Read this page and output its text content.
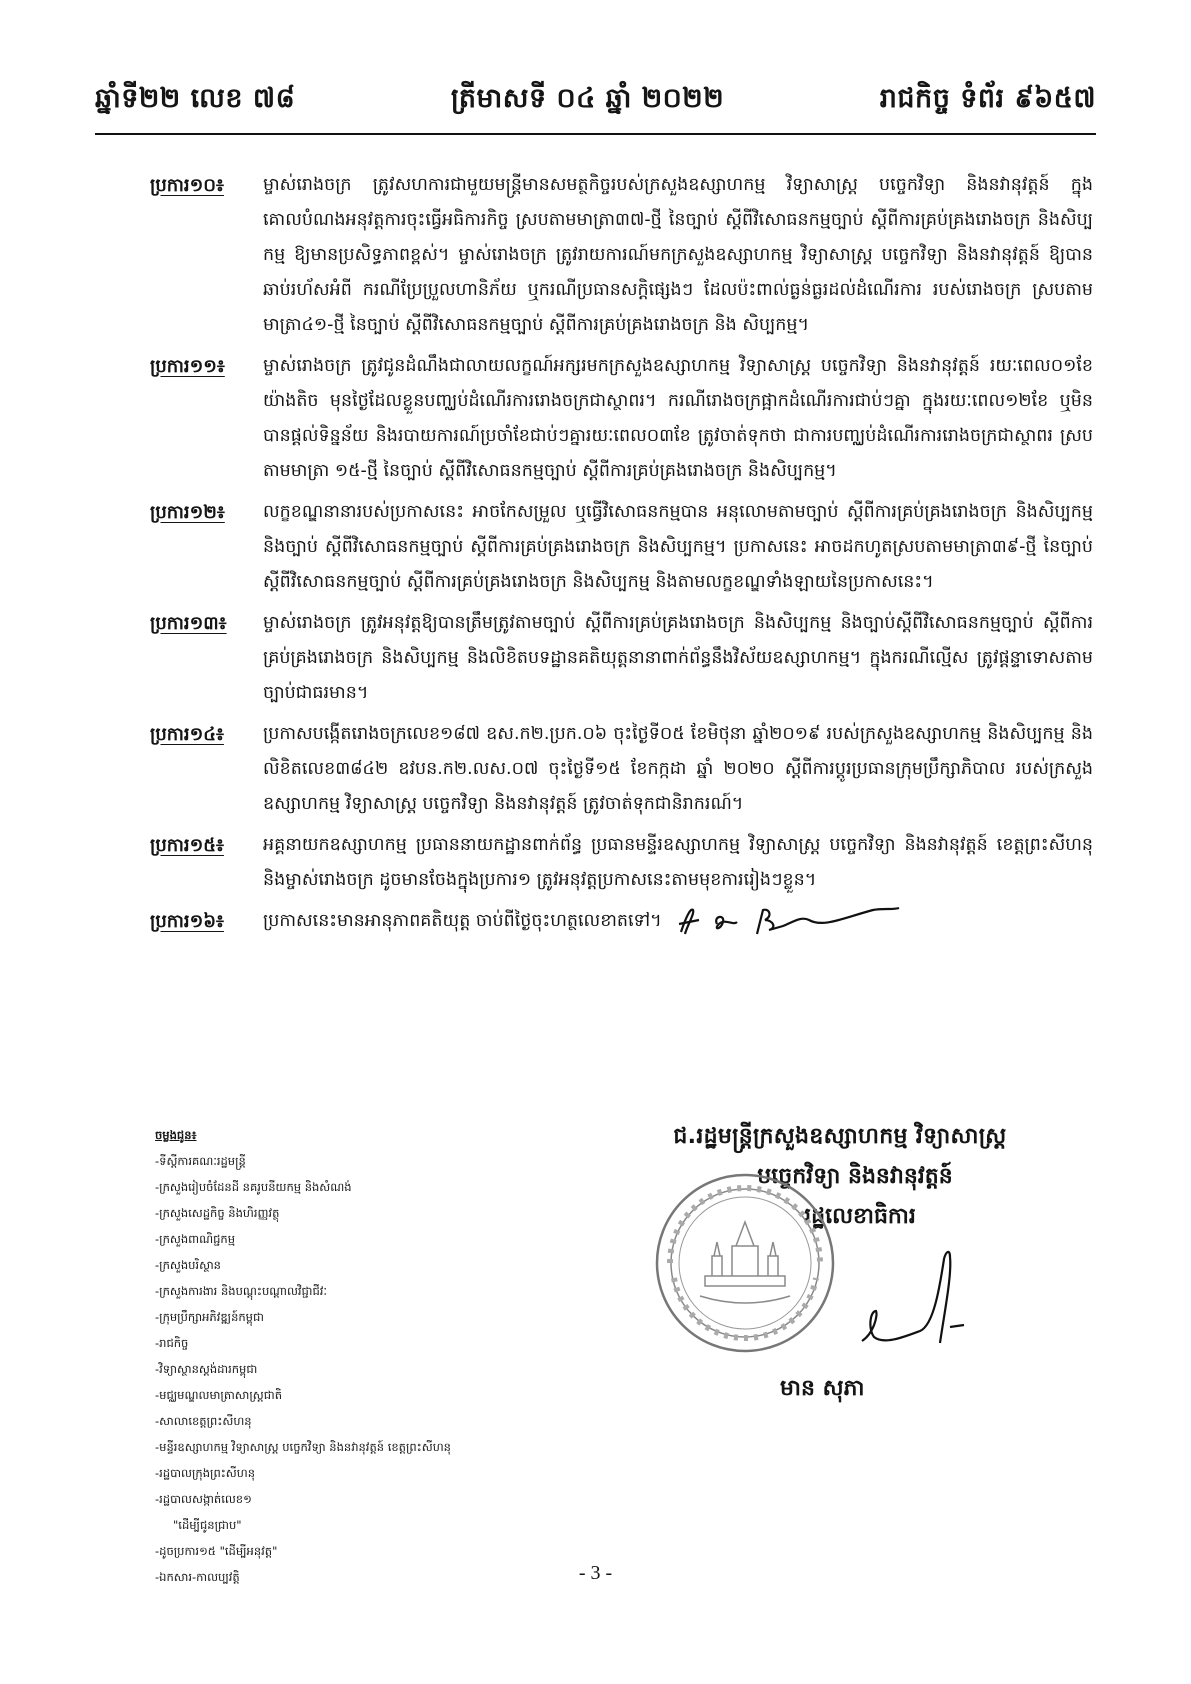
ឆ្នាំទី២២ លេខ ៧៨	ត្រីមាសទី ០៤ ឆ្នាំ ២០២២	រាជកិច្ច ទំព័រ ៩៦៥៧
ប្រការ១០៖ ម្ចាស់រោងចក្រ ត្រូវសហការជាមួយមន្ត្រីមានសមត្ថកិច្ចរបស់ក្រសួងឧស្សាហកម្ម វិទ្យាសាស្ត្រ បច្ចេកវិទ្យា និងនវានុវត្តន៍ ក្នុងគោលបំណងអនុវត្តការចុះធ្វើអធិការកិច្ច ស្របតាមមាត្រា៣៧-ថ្មី នៃច្បាប់ ស្តីពីវិសោធនកម្មច្បាប់ ស្តីពីការគ្រប់គ្រងរោងចក្រ និងសិប្បកម្ម ឱ្យមានប្រសិទ្ធភាពខ្ពស់។ ម្ចាស់រោងចក្រ ត្រូវរាយការណ៍មកក្រសួងឧស្សាហកម្ម វិទ្យាសាស្ត្រ បច្ចេកវិទ្យា និងនវានុវត្តន៍ ឱ្យបាន ឆាប់រហ័សអំពី ករណីប្រែប្រួលហានិភ័យ ឬករណីប្រធានសក្តិផ្សេងៗ ដែលប៉ះពាល់ធ្ងន់ធ្ងរដល់ដំណើរការ របស់រោងចក្រ ស្របតាមមាត្រា៤១-ថ្មី នៃច្បាប់ ស្តីពីវិសោធនកម្មច្បាប់ ស្តីពីការគ្រប់គ្រងរោងចក្រ និង សិប្បកម្ម។
ប្រការ១១៖ ម្ចាស់រោងចក្រ ត្រូវជូនដំណឹងជាលាយលក្ខណ៍អក្សរមកក្រសួងឧស្សាហកម្ម វិទ្យាសាស្ត្រ បច្ចេកវិទ្យា និងនវានុវត្តន៍ រយៈពេល០១ខែយ៉ាងតិច មុនថ្ងៃដែលខ្លួនបញ្ឈប់ដំណើរការរោងចក្រជាស្ថាពរ។ ករណីរោងចក្រផ្អាកដំណើរការជាប់ៗគ្នា ក្នុងរយៈពេល១២ខែ ឬមិនបានផ្តល់ទិន្នន័យ និងរបាយការណ៍ប្រចាំខែជាប់ៗគ្នារយៈពេល០៣ខែ ត្រូវចាត់ទុកថា ជាការបញ្ឈប់ដំណើរការរោងចក្រជាស្ថាពរ ស្របតាមមាត្រា ១៥-ថ្មី នៃច្បាប់ ស្តីពីវិសោធនកម្មច្បាប់ ស្តីពីការគ្រប់គ្រងរោងចក្រ និងសិប្បកម្ម។
ប្រការ១២៖ លក្ខខណ្ឌនានារបស់ប្រកាសនេះ អាចកែសម្រួល ឬធ្វើវិសោធនកម្មបាន អនុលោមតាមច្បាប់ ស្តីពីការគ្រប់គ្រងរោងចក្រ និងសិប្បកម្ម និងច្បាប់ ស្តីពីវិសោធនកម្មច្បាប់ ស្តីពីការគ្រប់គ្រងរោងចក្រ និងសិប្បកម្ម។ ប្រកាសនេះ អាចដកហូតស្របតាមមាត្រា៣៩-ថ្មី នៃច្បាប់ ស្តីពីវិសោធនកម្មច្បាប់ ស្តីពីការគ្រប់គ្រងរោងចក្រ និងសិប្បកម្ម និងតាមលក្ខខណ្ឌទាំងឡាយនៃប្រកាសនេះ។
ប្រការ១៣៖ ម្ចាស់រោងចក្រ ត្រូវអនុវត្តឱ្យបានត្រឹមត្រូវតាមច្បាប់ ស្តីពីការគ្រប់គ្រងរោងចក្រ និងសិប្បកម្ម និងច្បាប់ស្តីពីវិសោធនកម្មច្បាប់ ស្តីពីការគ្រប់គ្រងរោងចក្រ និងសិប្បកម្ម និងលិខិតបទដ្ឋានគតិយុត្តនានាពាក់ព័ន្ធនឹងវិស័យឧស្សាហកម្ម។ ក្នុងករណីល្មើស ត្រូវផ្តន្ទាទោសតាមច្បាប់ជាធរមាន។
ប្រការ១៤៖ ប្រកាសបង្កើតរោងចក្រលេខ១៨៧ ឧស.ក២.ប្រក.០៦ ចុះថ្ងៃទី០៥ ខែមិថុនា ឆ្នាំ២០១៩ របស់ក្រសួងឧស្សាហកម្ម និងសិប្បកម្ម និងលិខិតលេខ៣៨៤២ ឧវបន.ក២.លស.០៧ ចុះថ្ងៃទី១៥ ខែកក្កដា ឆ្នាំ ២០២០ ស្តីពីការប្តូរប្រធានក្រុមប្រឹក្សាភិបាល របស់ក្រសួងឧស្សាហកម្ម វិទ្យាសាស្ត្រ បច្ចេកវិទ្យា និងនវានុវត្តន៍ ត្រូវចាត់ទុកជានិរាករណ៍។
ប្រការ១៥៖ អគ្គនាយកឧស្សាហកម្ម ប្រធាននាយកដ្ឋានពាក់ព័ន្ធ ប្រធានមន្ទីរឧស្សាហកម្ម វិទ្យាសាស្ត្រ បច្ចេកវិទ្យា និងនវានុវត្តន៍ ខេត្តព្រះសីហនុ និងម្ចាស់រោងចក្រ ដូចមានចែងក្នុងប្រការ១ ត្រូវអនុវត្តប្រកាសនេះតាមមុខការរៀងៗខ្លួន។
ប្រការ១៦៖ ប្រកាសនេះមានអានុភាពគតិយុត្ត ចាប់ពីថ្ងៃចុះហត្ថលេខាតទៅ។
ចម្លងជូន៖
-ទីស្តីការគណៈរដ្ឋមន្ត្រី
-ក្រសួងរៀបចំដែនដី នគរូបនីយកម្ម និងសំណង់
-ក្រសួងសេដ្ឋកិច្ច និងហិរញ្ញវត្ថុ
-ក្រសួងពាណិជ្ជកម្ម
-ក្រសួងបរិស្ថាន
-ក្រសួងការងារ និងបណ្តុះបណ្តាលវិជ្ជាជីវៈ
-ក្រុមប្រឹក្សាអភិវឌ្ឍន៍កម្ពុជា
-រាជកិច្ច
-វិទ្យាស្ថានស្តង់ដារកម្ពុជា
-មជ្ឈមណ្ឌលមាត្រាសាស្ត្រជាតិ
-សាលាខេត្តព្រះសីហនុ
-មន្ទីរឧស្សាហកម្ម វិទ្យាសាស្ត្រ បច្ចេកវិទ្យា និងនវានុវត្តន៍ ខេត្តព្រះសីហនុ
-រដ្ឋបាលក្រុងព្រះសីហនុ
-រដ្ឋបាលសង្កាត់លេខ១
"ដើម្បីជូនជ្រាប"
-ដូចប្រការ១៥ "ដើម្បីអនុវត្ត"
-ឯកសារ-កាលប្បវត្តិ
ជ.រដ្ឋមន្ត្រីក្រសួងឧស្សាហកម្ម វិទ្យាសាស្ត្រ
បច្ចេកវិទ្យា និងនវានុវត្តន៍
រដ្ឋលេខាធិការ
មាន សុភា
- 3 -
